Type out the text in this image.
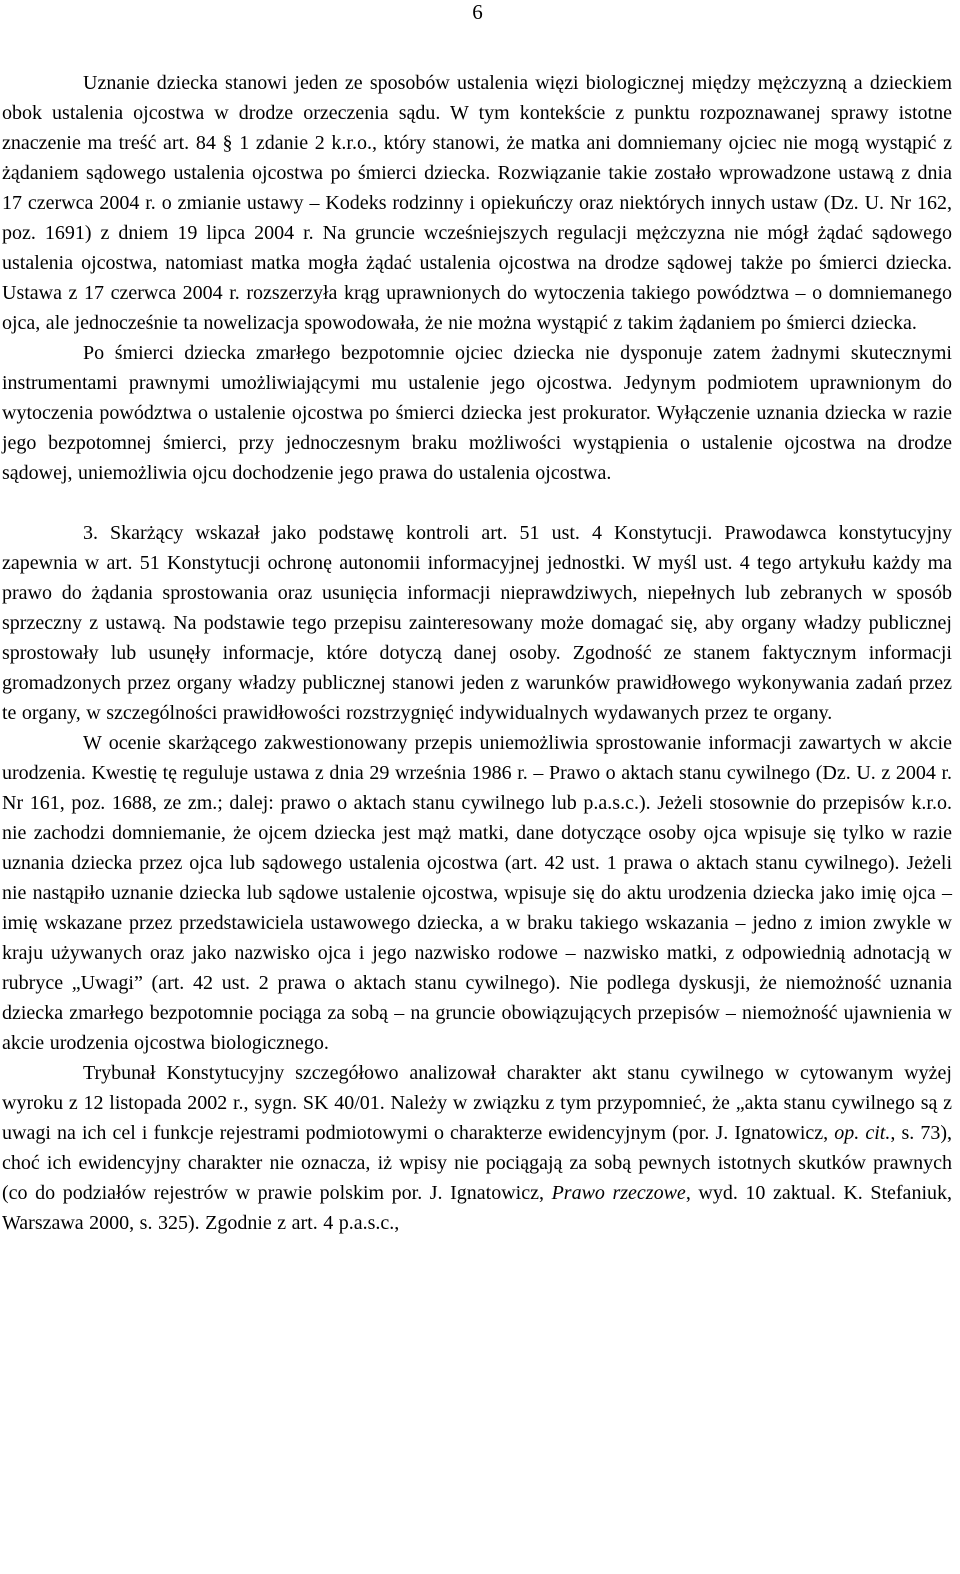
6

Uznanie dziecka stanowi jeden ze sposobów ustalenia więzi biologicznej między mężczyzną a dzieckiem obok ustalenia ojcostwa w drodze orzeczenia sądu. W tym kontekście z punktu rozpoznawanej sprawy istotne znaczenie ma treść art. 84 § 1 zdanie 2 k.r.o., który stanowi, że matka ani domniemany ojciec nie mogą wystąpić z żądaniem sądowego ustalenia ojcostwa po śmierci dziecka. Rozwiązanie takie zostało wprowadzone ustawą z dnia 17 czerwca 2004 r. o zmianie ustawy – Kodeks rodzinny i opiekuńczy oraz niektórych innych ustaw (Dz. U. Nr 162, poz. 1691) z dniem 19 lipca 2004 r. Na gruncie wcześniejszych regulacji mężczyzna nie mógł żądać sądowego ustalenia ojcostwa, natomiast matka mogła żądać ustalenia ojcostwa na drodze sądowej także po śmierci dziecka. Ustawa z 17 czerwca 2004 r. rozszerzyła krąg uprawnionych do wytoczenia takiego powództwa – o domniemanego ojca, ale jednocześnie ta nowelizacja spowodowała, że nie można wystąpić z takim żądaniem po śmierci dziecka.

Po śmierci dziecka zmarłego bezpotomnie ojciec dziecka nie dysponuje zatem żadnymi skutecznymi instrumentami prawnymi umożliwiającymi mu ustalenie jego ojcostwa. Jedynym podmiotem uprawnionym do wytoczenia powództwa o ustalenie ojcostwa po śmierci dziecka jest prokurator. Wyłączenie uznania dziecka w razie jego bezpotomnej śmierci, przy jednoczesnym braku możliwości wystąpienia o ustalenie ojcostwa na drodze sądowej, uniemożliwia ojcu dochodzenie jego prawa do ustalenia ojcostwa.

3. Skarżący wskazał jako podstawę kontroli art. 51 ust. 4 Konstytucji. Prawodawca konstytucyjny zapewnia w art. 51 Konstytucji ochronę autonomii informacyjnej jednostki. W myśl ust. 4 tego artykułu każdy ma prawo do żądania sprostowania oraz usunięcia informacji nieprawdziwych, niepełnych lub zebranych w sposób sprzeczny z ustawą. Na podstawie tego przepisu zainteresowany może domagać się, aby organy władzy publicznej sprostowały lub usunęły informacje, które dotyczą danej osoby. Zgodność ze stanem faktycznym informacji gromadzonych przez organy władzy publicznej stanowi jeden z warunków prawidłowego wykonywania zadań przez te organy, w szczególności prawidłowości rozstrzygnięć indywidualnych wydawanych przez te organy.

W ocenie skarżącego zakwestionowany przepis uniemożliwia sprostowanie informacji zawartych w akcie urodzenia. Kwestię tę reguluje ustawa z dnia 29 września 1986 r. – Prawo o aktach stanu cywilnego (Dz. U. z 2004 r. Nr 161, poz. 1688, ze zm.; dalej: prawo o aktach stanu cywilnego lub p.a.s.c.). Jeżeli stosownie do przepisów k.r.o. nie zachodzi domniemanie, że ojcem dziecka jest mąż matki, dane dotyczące osoby ojca wpisuje się tylko w razie uznania dziecka przez ojca lub sądowego ustalenia ojcostwa (art. 42 ust. 1 prawa o aktach stanu cywilnego). Jeżeli nie nastąpiło uznanie dziecka lub sądowe ustalenie ojcostwa, wpisuje się do aktu urodzenia dziecka jako imię ojca – imię wskazane przez przedstawiciela ustawowego dziecka, a w braku takiego wskazania – jedno z imion zwykle w kraju używanych oraz jako nazwisko ojca i jego nazwisko rodowe – nazwisko matki, z odpowiednią adnotacją w rubryce „Uwagi” (art. 42 ust. 2 prawa o aktach stanu cywilnego). Nie podlega dyskusji, że niemożność uznania dziecka zmarłego bezpotomnie pociąga za sobą – na gruncie obowiązujących przepisów – niemożność ujawnienia w akcie urodzenia ojcostwa biologicznego.

Trybunał Konstytucyjny szczegółowo analizował charakter akt stanu cywilnego w cytowanym wyżej wyroku z 12 listopada 2002 r., sygn. SK 40/01. Należy w związku z tym przypomnieć, że „akta stanu cywilnego są z uwagi na ich cel i funkcje rejestrami podmiotowymi o charakterze ewidencyjnym (por. J. Ignatowicz, op. cit., s. 73), choć ich ewidencyjny charakter nie oznacza, iż wpisy nie pociągają za sobą pewnych istotnych skutków prawnych (co do podziałów rejestrów w prawie polskim por. J. Ignatowicz, Prawo rzeczowe, wyd. 10 zaktual. K. Stefaniuk, Warszawa 2000, s. 325). Zgodnie z art. 4 p.a.s.c.,
